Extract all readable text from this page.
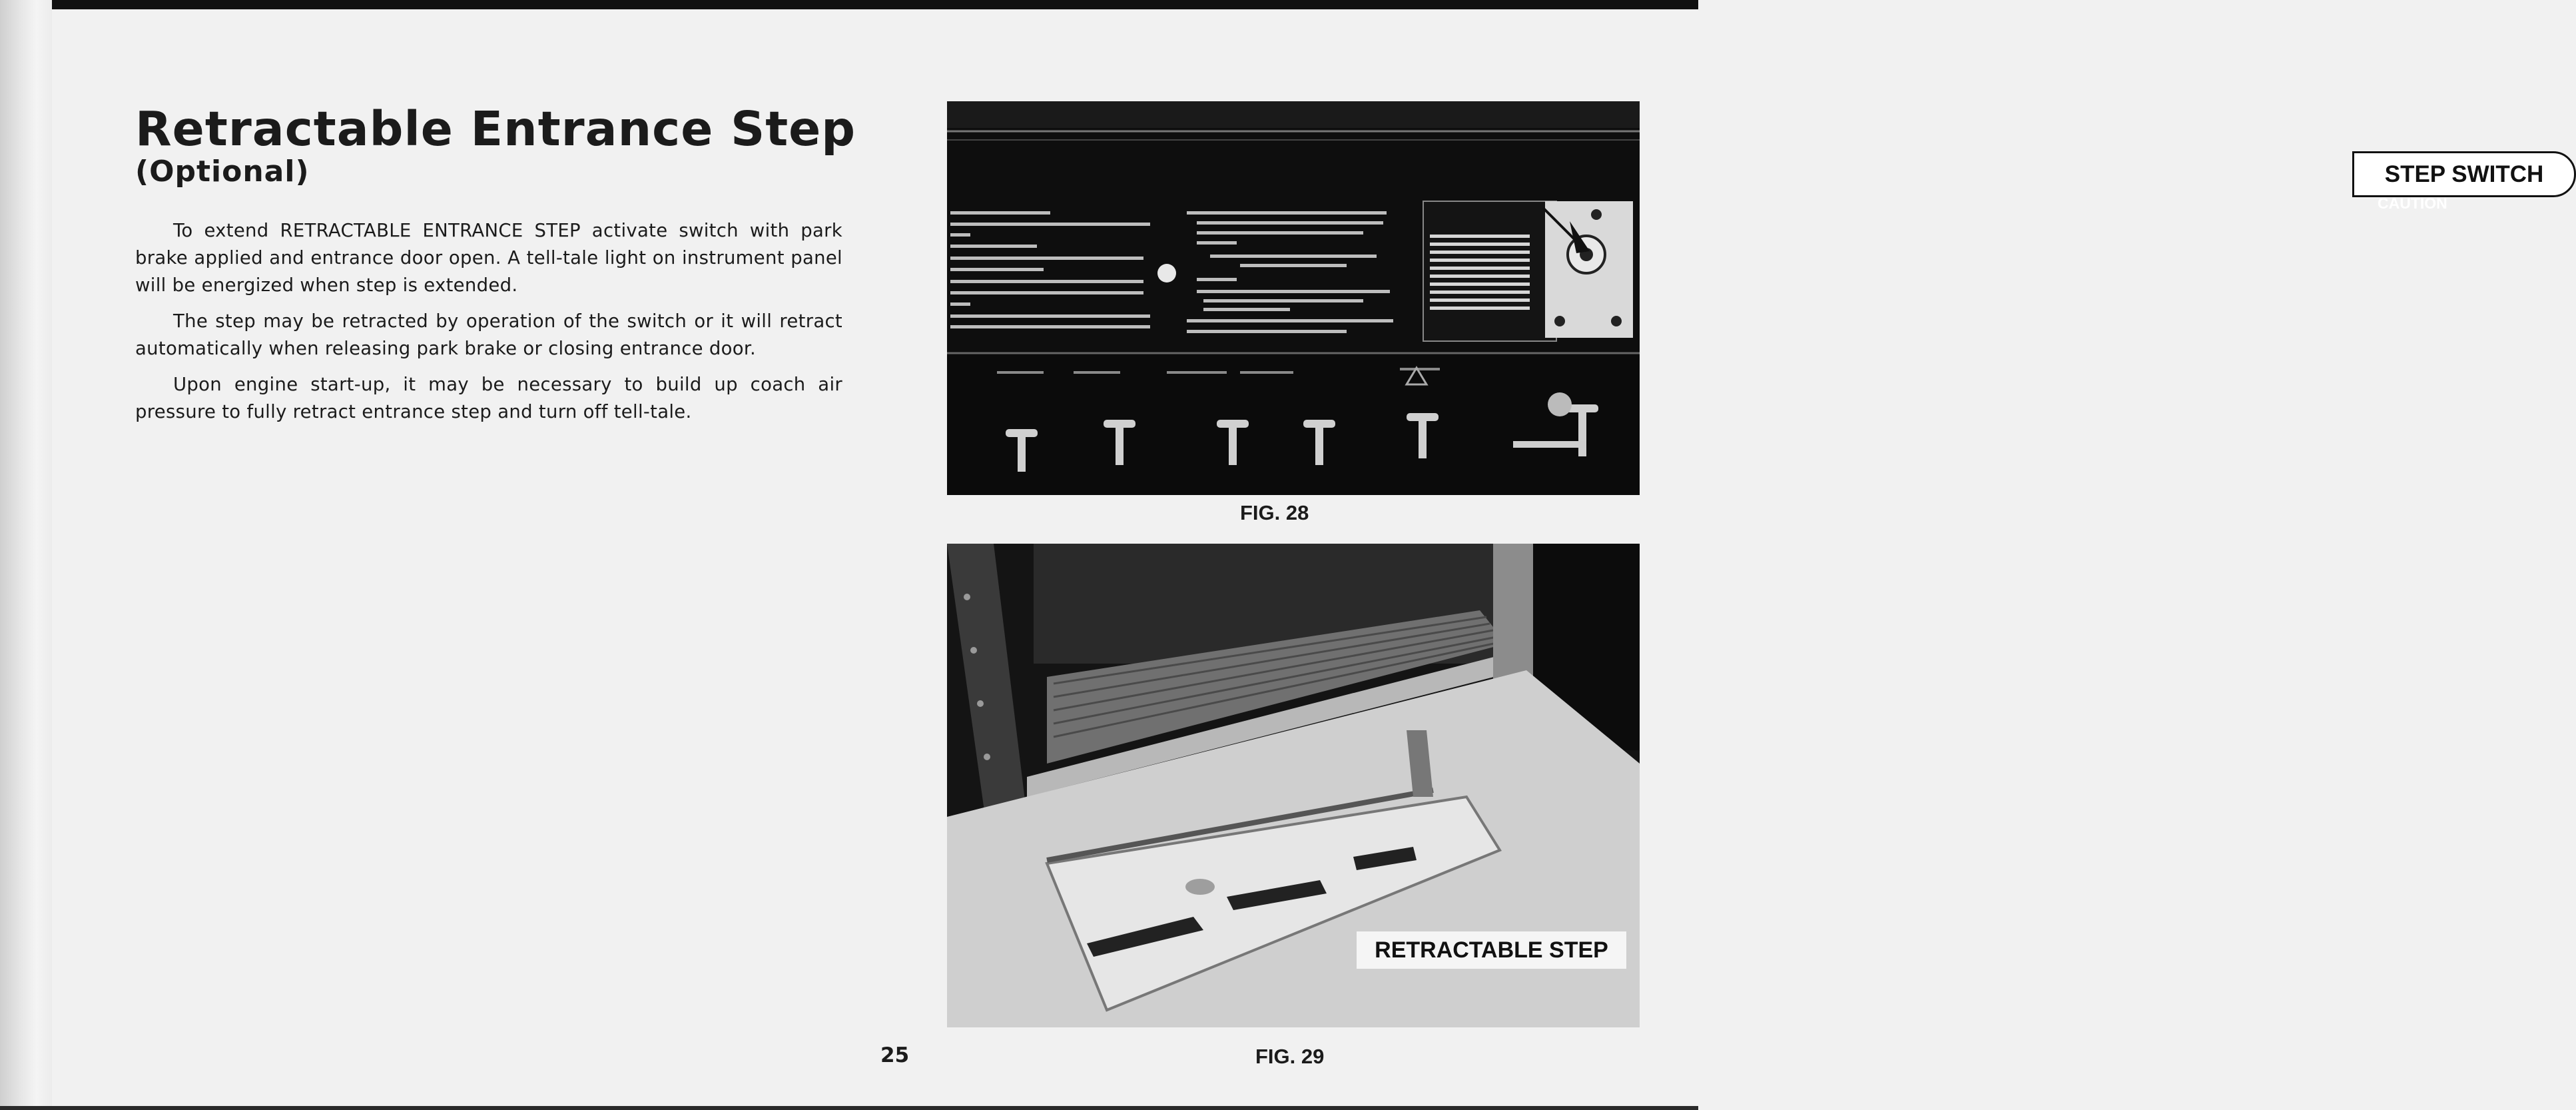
Retractable Entrance Step
(Optional)

To extend RETRACTABLE ENTRANCE STEP activate switch with park brake applied and entrance door open. A tell-tale light on instrument panel will be energized when step is extended.

The step may be retracted by operation of the switch or it will retract automatically when releasing park brake or closing entrance door.

Upon engine start-up, it may be necessary to build up coach air pressure to fully retract entrance step and turn off tell-tale.

STEP SWITCH
CAUTION
FIG. 28
RETRACTABLE STEP
FIG. 29
25
